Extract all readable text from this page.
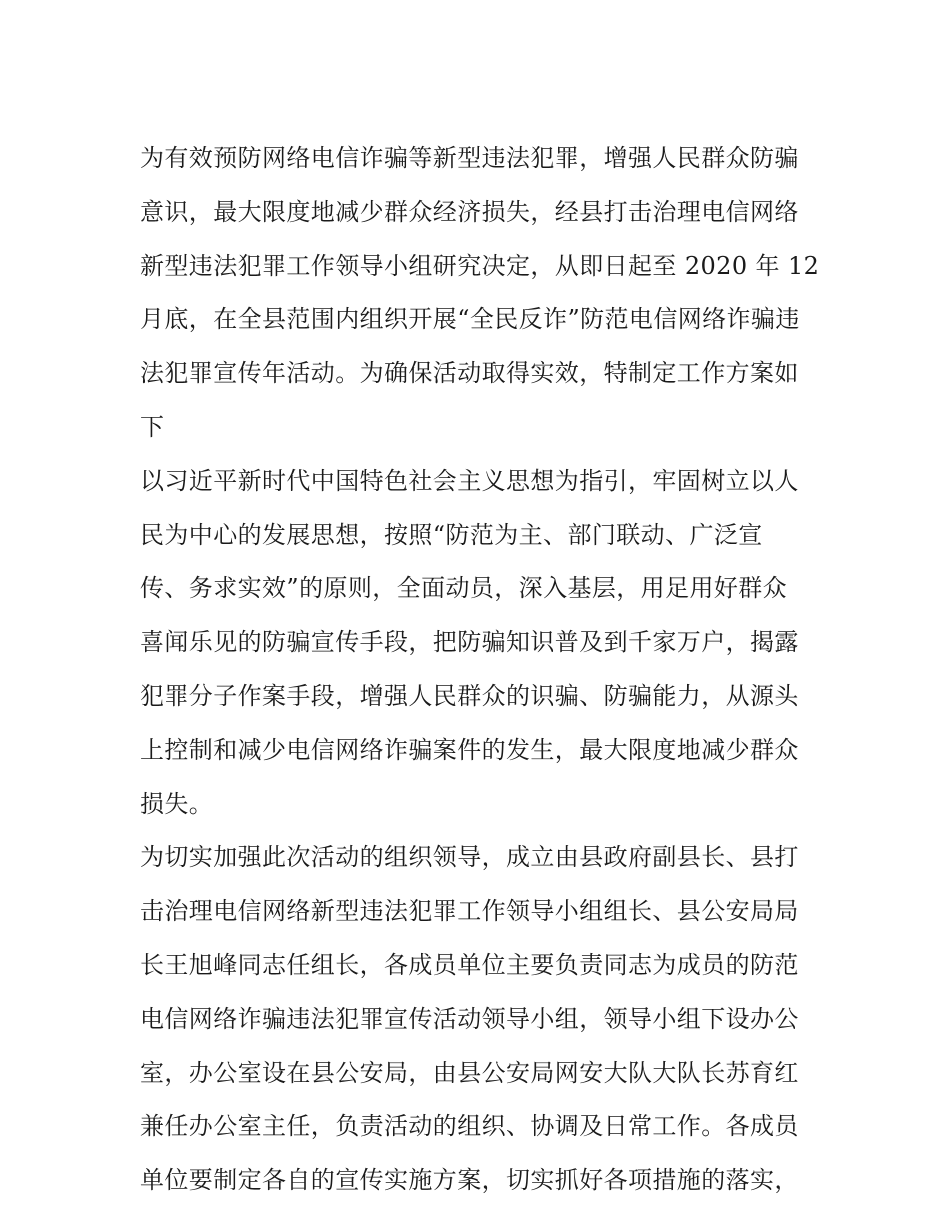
为有效预防网络电信诈骗等新型违法犯罪，增强人民群众防骗
意识，最大限度地减少群众经济损失，经县打击治理电信网络
新型违法犯罪工作领导小组研究决定，从即日起至 2020 年 12
月底，在全县范围内组织开展“全民反诈”防范电信网络诈骗违
法犯罪宣传年活动。为确保活动取得实效，特制定工作方案如
下
以习近平新时代中国特色社会主义思想为指引，牢固树立以人
民为中心的发展思想，按照“防范为主、部门联动、广泛宣
传、务求实效”的原则，全面动员，深入基层，用足用好群众
喜闻乐见的防骗宣传手段，把防骗知识普及到千家万户，揭露
犯罪分子作案手段，增强人民群众的识骗、防骗能力，从源头
上控制和减少电信网络诈骗案件的发生，最大限度地减少群众
损失。
为切实加强此次活动的组织领导，成立由县政府副县长、县打
击治理电信网络新型违法犯罪工作领导小组组长、县公安局局
长王旭峰同志任组长，各成员单位主要负责同志为成员的防范
电信网络诈骗违法犯罪宣传活动领导小组，领导小组下设办公
室，办公室设在县公安局，由县公安局网安大队大队长苏育红
兼任办公室主任，负责活动的组织、协调及日常工作。各成员
单位要制定各自的宣传实施方案，切实抓好各项措施的落实，
